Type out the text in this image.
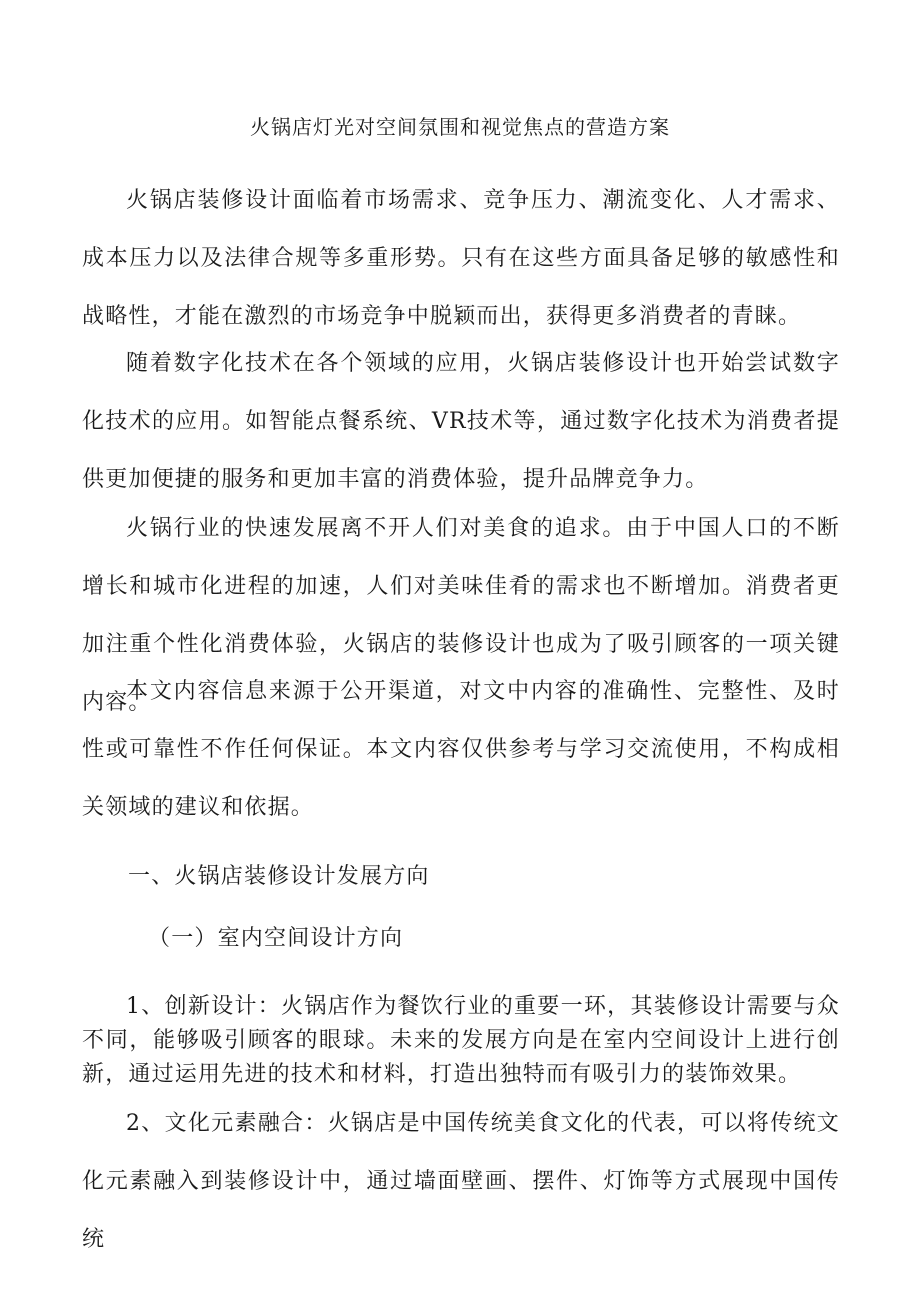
火锅店灯光对空间氛围和视觉焦点的营造方案

火锅店装修设计面临着市场需求、竞争压力、潮流变化、人才需求、成本压力以及法律合规等多重形势。只有在这些方面具备足够的敏感性和战略性，才能在激烈的市场竞争中脱颖而出，获得更多消费者的青睐。

随着数字化技术在各个领域的应用，火锅店装修设计也开始尝试数字化技术的应用。如智能点餐系统、VR技术等，通过数字化技术为消费者提供更加便捷的服务和更加丰富的消费体验，提升品牌竞争力。

火锅行业的快速发展离不开人们对美食的追求。由于中国人口的不断增长和城市化进程的加速，人们对美味佳肴的需求也不断增加。消费者更加注重个性化消费体验，火锅店的装修设计也成为了吸引顾客的一项关键内容。

本文内容信息来源于公开渠道，对文中内容的准确性、完整性、及时性或可靠性不作任何保证。本文内容仅供参考与学习交流使用，不构成相关领域的建议和依据。

一、火锅店装修设计发展方向
（一）室内空间设计方向

1、创新设计：火锅店作为餐饮行业的重要一环，其装修设计需要与众不同，能够吸引顾客的眼球。未来的发展方向是在室内空间设计上进行创新，通过运用先进的技术和材料，打造出独特而有吸引力的装饰效果。

2、文化元素融合：火锅店是中国传统美食文化的代表，可以将传统文化元素融入到装修设计中，通过墙面壁画、摆件、灯饰等方式展现中国传统
